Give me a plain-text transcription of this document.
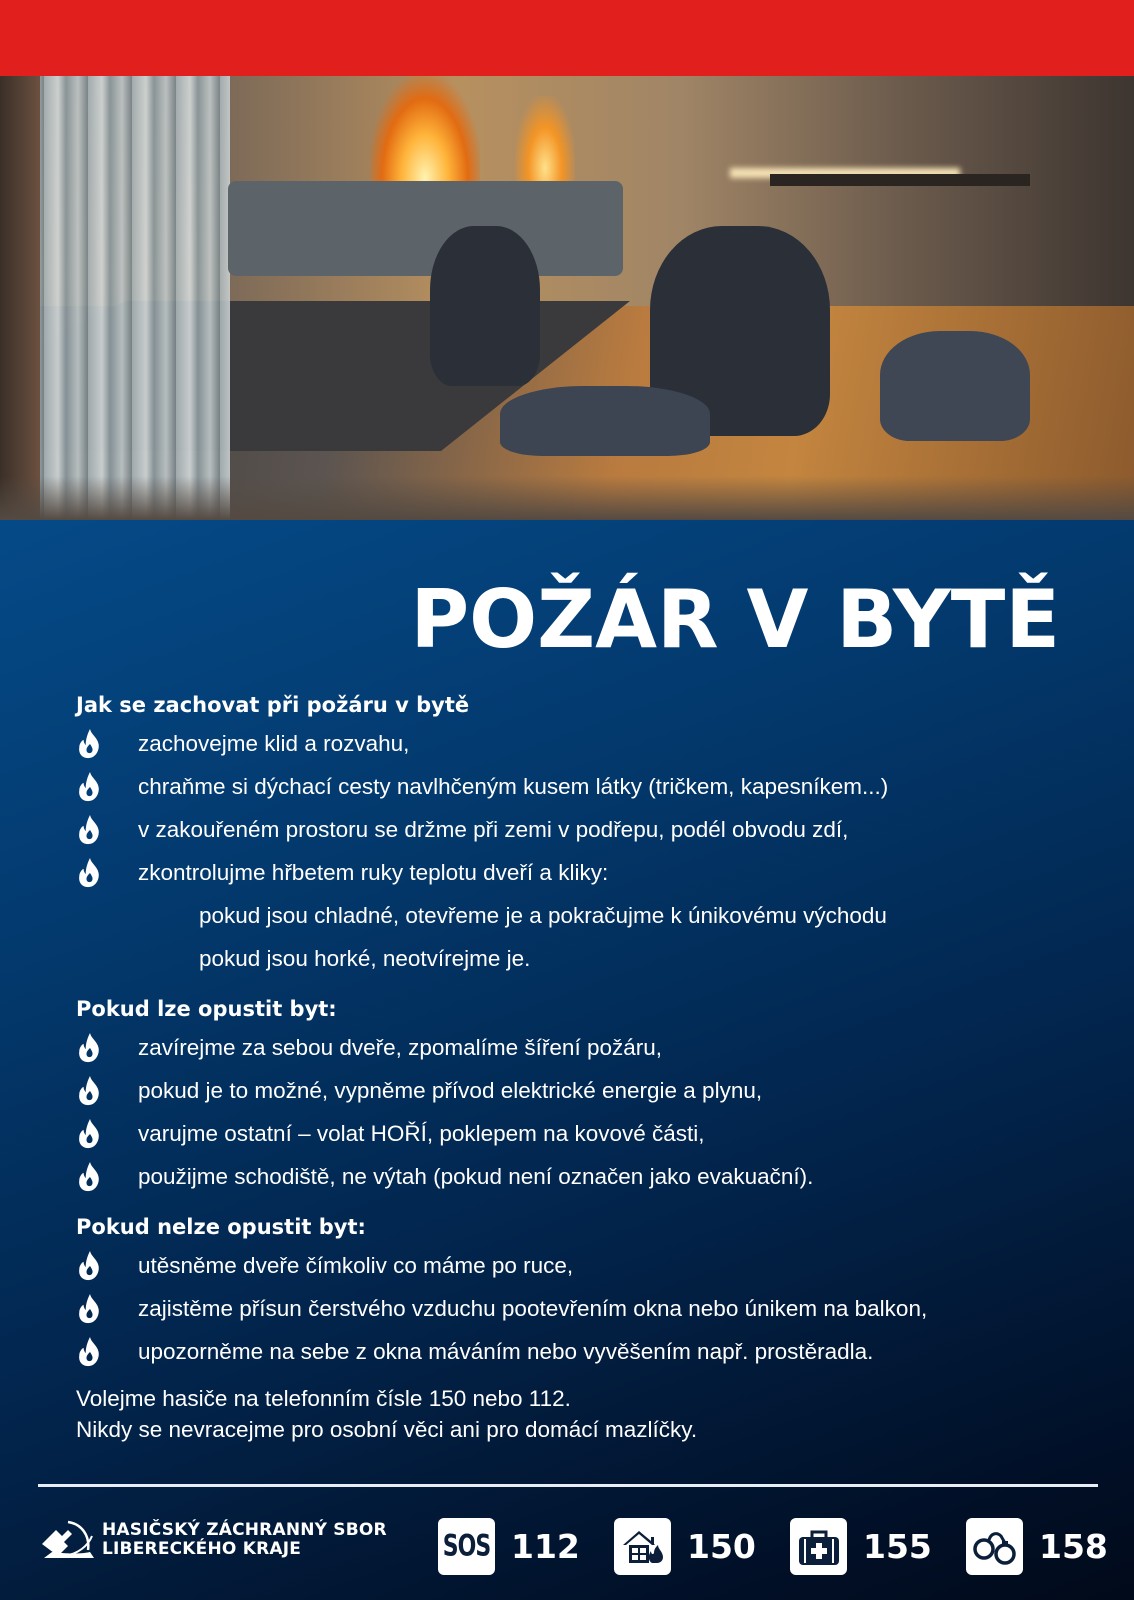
POŽÁR V BYTĚ
Jak se zachovat při požáru v bytě
zachovejme klid a rozvahu,
chraňme si dýchací cesty navlhčeným kusem látky (tričkem, kapesníkem...)
v zakouřeném prostoru se držme při zemi v podřepu, podél obvodu zdí,
zkontrolujme hřbetem ruky teplotu dveří a kliky:
pokud jsou chladné, otevřeme je a pokračujme k únikovému východu
pokud jsou horké, neotvírejme je.
Pokud lze opustit byt:
zavírejme za sebou dveře, zpomalíme šíření požáru,
pokud je to možné, vypněme přívod elektrické energie a plynu,
varujme ostatní – volat HOŘÍ, poklepem na kovové části,
použijme schodiště, ne výtah (pokud není označen jako evakuační).
Pokud nelze opustit byt:
utěsněme dveře čímkoliv co máme po ruce,
zajistěme přísun čerstvého vzduchu pootevřením okna nebo únikem na balkon,
upozorněme na sebe z okna máváním nebo vyvěšením např. prostěradla.
Volejme hasiče na telefonním čísle 150 nebo 112.
Nikdy se nevracejme pro osobní věci ani pro domácí mazlíčky.
HASIČSKÝ ZÁCHRANNÝ SBOR
LIBERECKÉHO KRAJE	SOS 112	150	155	158
